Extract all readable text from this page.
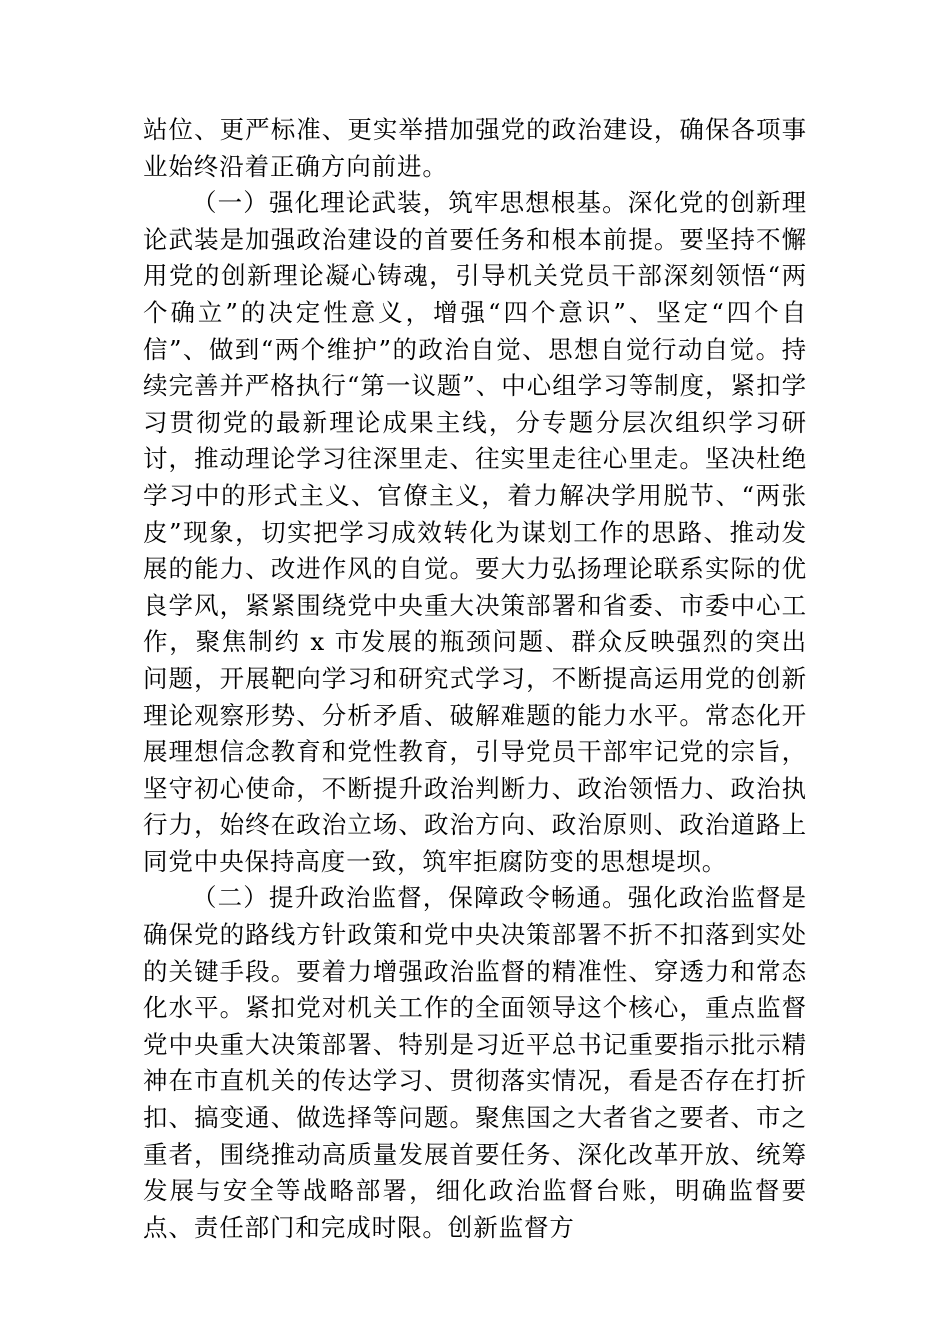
站位、更严标准、更实举措加强党的政治建设，确保各项事业始终沿着正确方向前进。

（一）强化理论武装，筑牢思想根基。深化党的创新理论武装是加强政治建设的首要任务和根本前提。要坚持不懈用党的创新理论凝心铸魂，引导机关党员干部深刻领悟“两个确立”的决定性意义，增强“四个意识”、坚定“四个自信”、做到“两个维护”的政治自觉、思想自觉行动自觉。持续完善并严格执行“第一议题”、中心组学习等制度，紧扣学习贯彻党的最新理论成果主线，分专题分层次组织学习研讨，推动理论学习往深里走、往实里走往心里走。坚决杜绝学习中的形式主义、官僚主义，着力解决学用脱节、“两张皮”现象，切实把学习成效转化为谋划工作的思路、推动发展的能力、改进作风的自觉。要大力弘扬理论联系实际的优良学风，紧紧围绕党中央重大决策部署和省委、市委中心工作，聚焦制约 x 市发展的瓶颈问题、群众反映强烈的突出问题，开展靶向学习和研究式学习，不断提高运用党的创新理论观察形势、分析矛盾、破解难题的能力水平。常态化开展理想信念教育和党性教育，引导党员干部牢记党的宗旨，坚守初心使命，不断提升政治判断力、政治领悟力、政治执行力，始终在政治立场、政治方向、政治原则、政治道路上同党中央保持高度一致，筑牢拒腐防变的思想堤坝。

（二）提升政治监督，保障政令畅通。强化政治监督是确保党的路线方针政策和党中央决策部署不折不扣落到实处的关键手段。要着力增强政治监督的精准性、穿透力和常态化水平。紧扣党对机关工作的全面领导这个核心，重点监督党中央重大决策部署、特别是习近平总书记重要指示批示精神在市直机关的传达学习、贯彻落实情况，看是否存在打折扣、搞变通、做选择等问题。聚焦国之大者省之要者、市之重者，围绕推动高质量发展首要任务、深化改革开放、统筹发展与安全等战略部署，细化政治监督台账，明确监督要点、责任部门和完成时限。创新监督方
